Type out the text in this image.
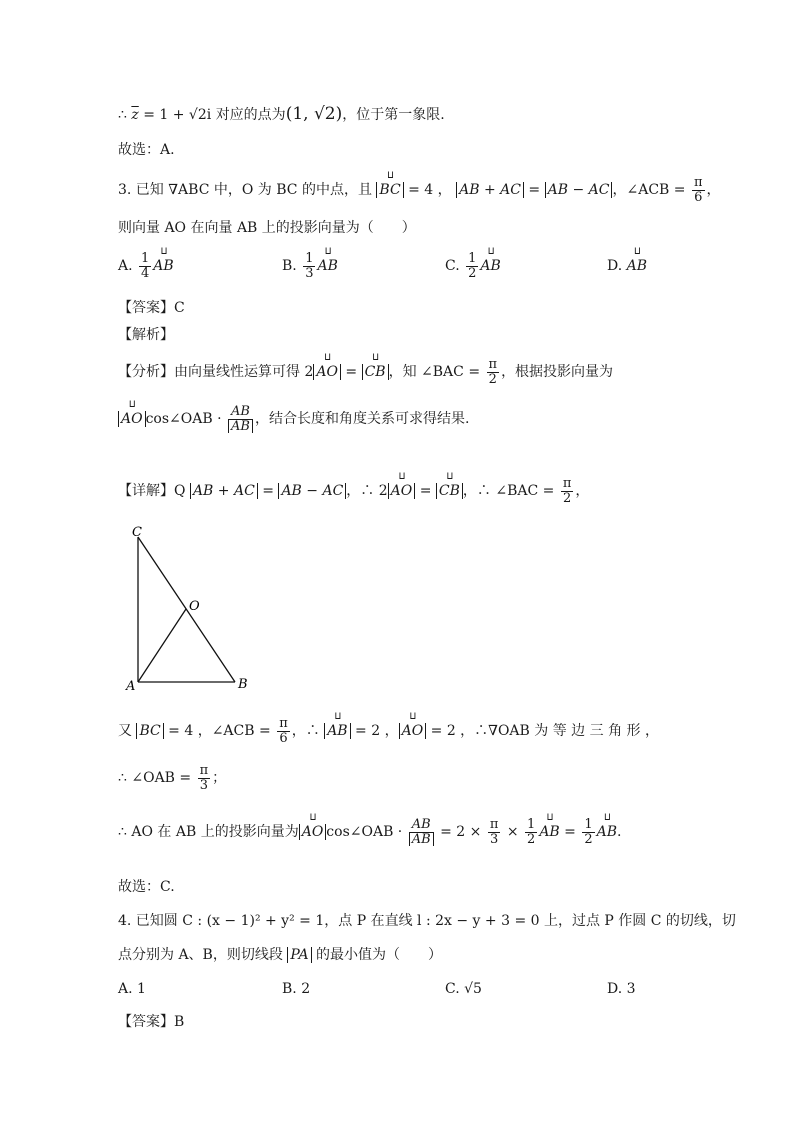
∴ $\overline{z} = 1 + √2i$ 对应的点为(1, √2)，位于第一象限.
故选：A.
3. 已知 ∇ABC 中，O 为 BC 的中点，且 ⵡ BC = 4 ， AB + AC = AB − AC ，∠ACB = $\frac{\pi}{6}$ ，
则向量 AO 在向量 AB 上的投影向量为（　　）
A. $\frac{1}{4}$ ⵡ AB	B. $\frac{1}{3}$ ⵡ AB	C. $\frac{1}{2}$ ⵡ AB	D. ⵡ AB
【答案】C
【解析】
【分析】由向量线性运算可得 2 ⵡ AO = ⵡ CB ，知 ∠BAC = $\frac{\pi}{2}$ ，根据投影向量为
ⵡ AO cos∠OAB · $\frac{AB}{AB}$ ，结合长度和角度关系可求得结果.
【详解】Q AB + AC = AB − AC ，∴ 2 ⵡ AO = ⵡ CB ，∴ ∠BAC = $\frac{\pi}{2}$ ，
C
O
A	B
又 BC = 4 ，∠ACB = $\frac{\pi}{6}$ ，∴ ⵡ AB = 2 ， ⵡ AO = 2 ，∴∇OAB 为 等 边 三 角 形 ，
∴ ∠OAB = $\frac{\pi}{3}$ ；
∴ AO 在 AB 上的投影向量为 ⵡ AO cos∠OAB · $\frac{AB}{AB} = 2 \times \frac{\pi}{3} \times \frac{1}{2}$ ⵡ AB = $\frac{1}{2}$ ⵡ AB.
故选：C.
4. 已知圆 C : (x − 1)² + y² = 1，点 P 在直线 l : 2x − y + 3 = 0 上，过点 P 作圆 C 的切线，切
点分别为 A、B，则切线段 PA 的最小值为（　　）
A. 1	B. 2	C. √5	D. 3
【答案】B
